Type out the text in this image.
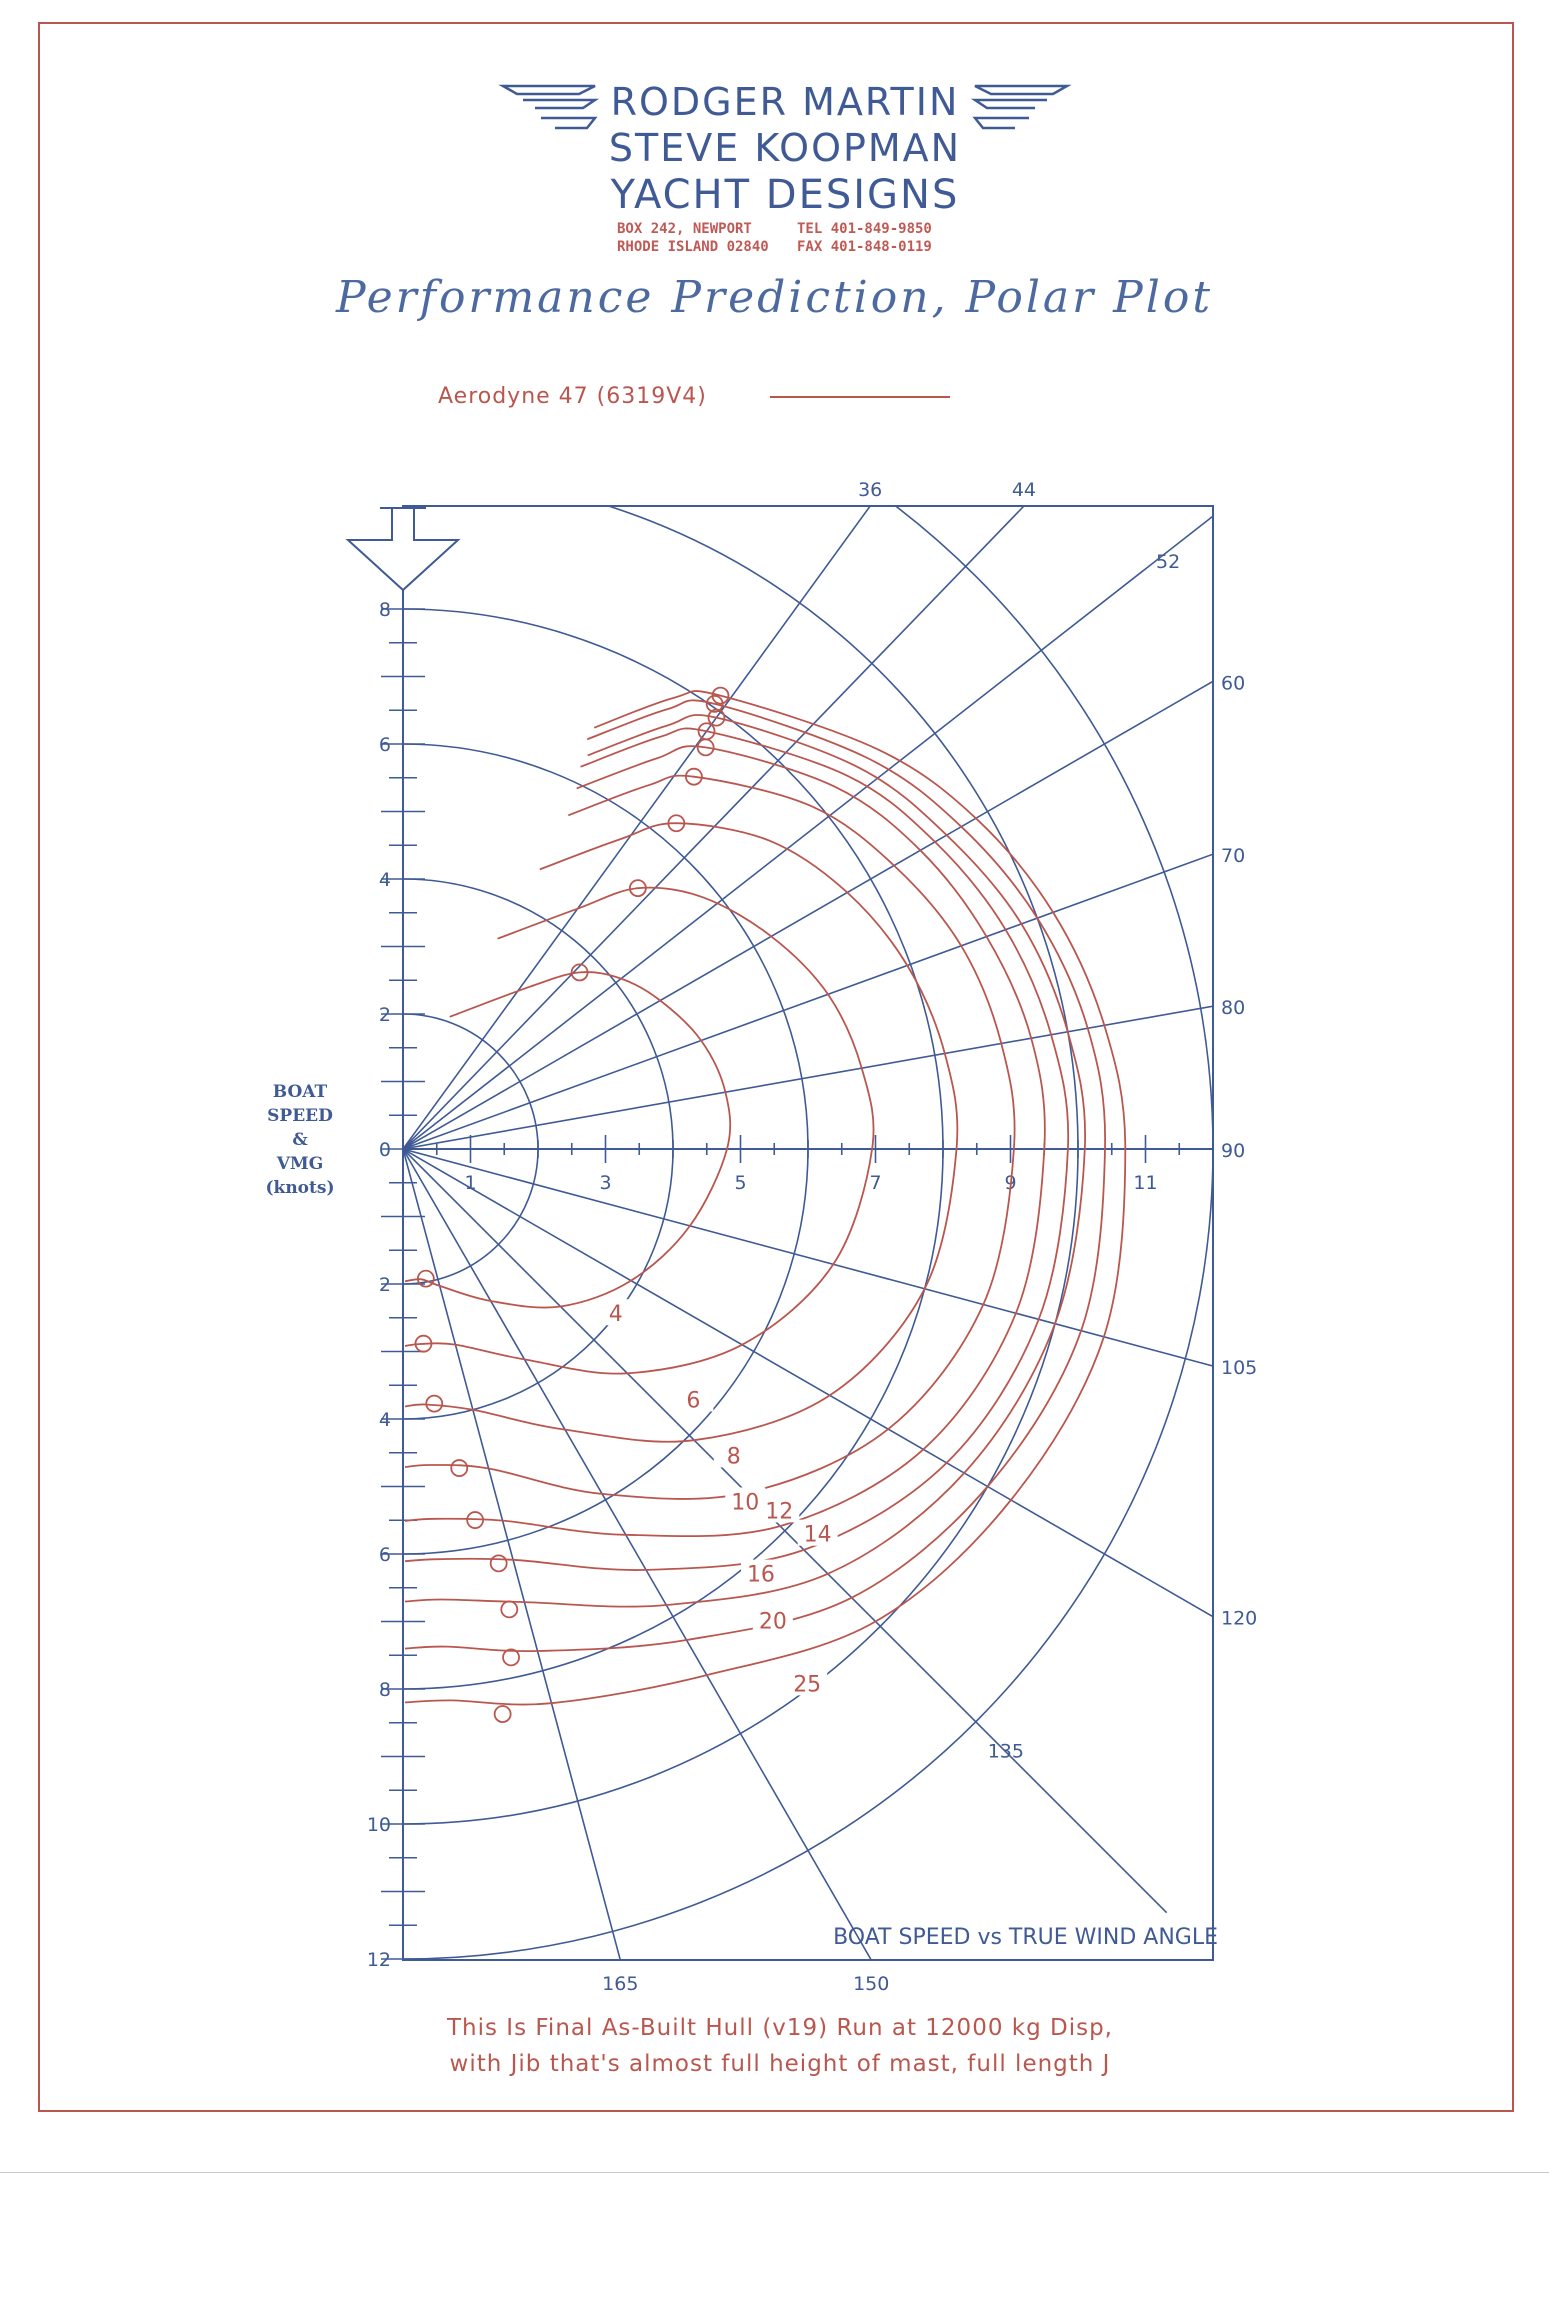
RODGER MARTIN
STEVE KOOPMAN
YACHT DESIGNS
BOX 242, NEWPORT
RHODE ISLAND 02840
TEL 401-849-9850
FAX 401-848-0119
Performance Prediction, Polar Plot
Aerodyne 47 (6319V4)
BOAT
SPEED
&
VMG
(knots)	1	3	5	7	9	11
8
6
4
2
0
2
4
6
8
10
12
36	44
52
60
70
80
90
105
120
135
150
165
BOAT SPEED vs TRUE WIND ANGLE
4
6
8
10 12
14
16
20
25
This Is Final As-Built Hull (v19) Run at 12000 kg Disp,
with Jib that's almost full height of mast, full length J
